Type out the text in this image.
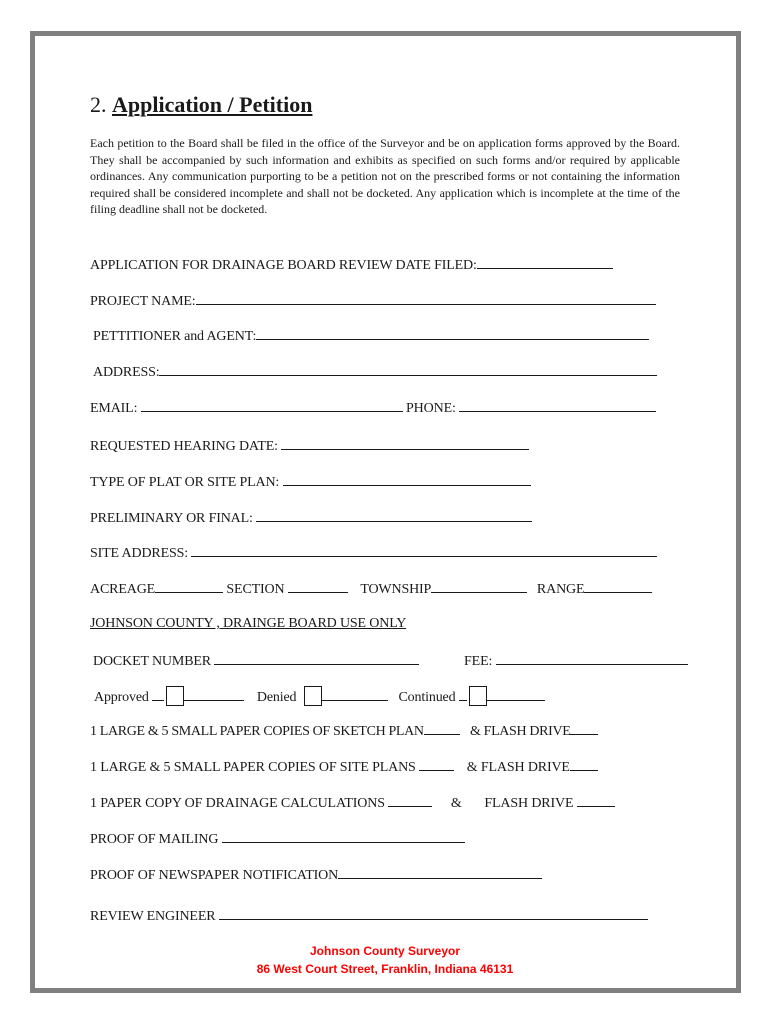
2. Application / Petition

Each petition to the Board shall be filed in the office of the Surveyor and be on application forms approved by the Board. They shall be accompanied by such information and exhibits as specified on such forms and/or required by applicable ordinances. Any communication purporting to be a petition not on the prescribed forms or not containing the information required shall be considered incomplete and shall not be docketed. Any application which is incomplete at the time of the filing deadline shall not be docketed.

APPLICATION FOR DRAINAGE BOARD REVIEW DATE FILED:
PROJECT NAME:
PETTITIONER and AGENT:
ADDRESS:
EMAIL:	PHONE:
REQUESTED HEARING DATE:
TYPE OF PLAT OR SITE PLAN:
PRELIMINARY OR FINAL:
SITE ADDRESS:
ACREAGE	SECTION	TOWNSHIP	RANGE
JOHNSON COUNTY , DRAINGE BOARD USE ONLY
DOCKET NUMBER	FEE:
Approved	Denied	Continued
1 LARGE & 5 SMALL PAPER COPIES OF SKETCH PLAN	& FLASH DRIVE
1 LARGE & 5 SMALL PAPER COPIES OF SITE PLANS	& FLASH DRIVE
1 PAPER COPY OF DRAINAGE CALCULATIONS	& FLASH DRIVE
PROOF OF MAILING
PROOF OF NEWSPAPER NOTIFICATION
REVIEW ENGINEER
Johnson County Surveyor
86 West Court Street, Franklin, Indiana 46131
